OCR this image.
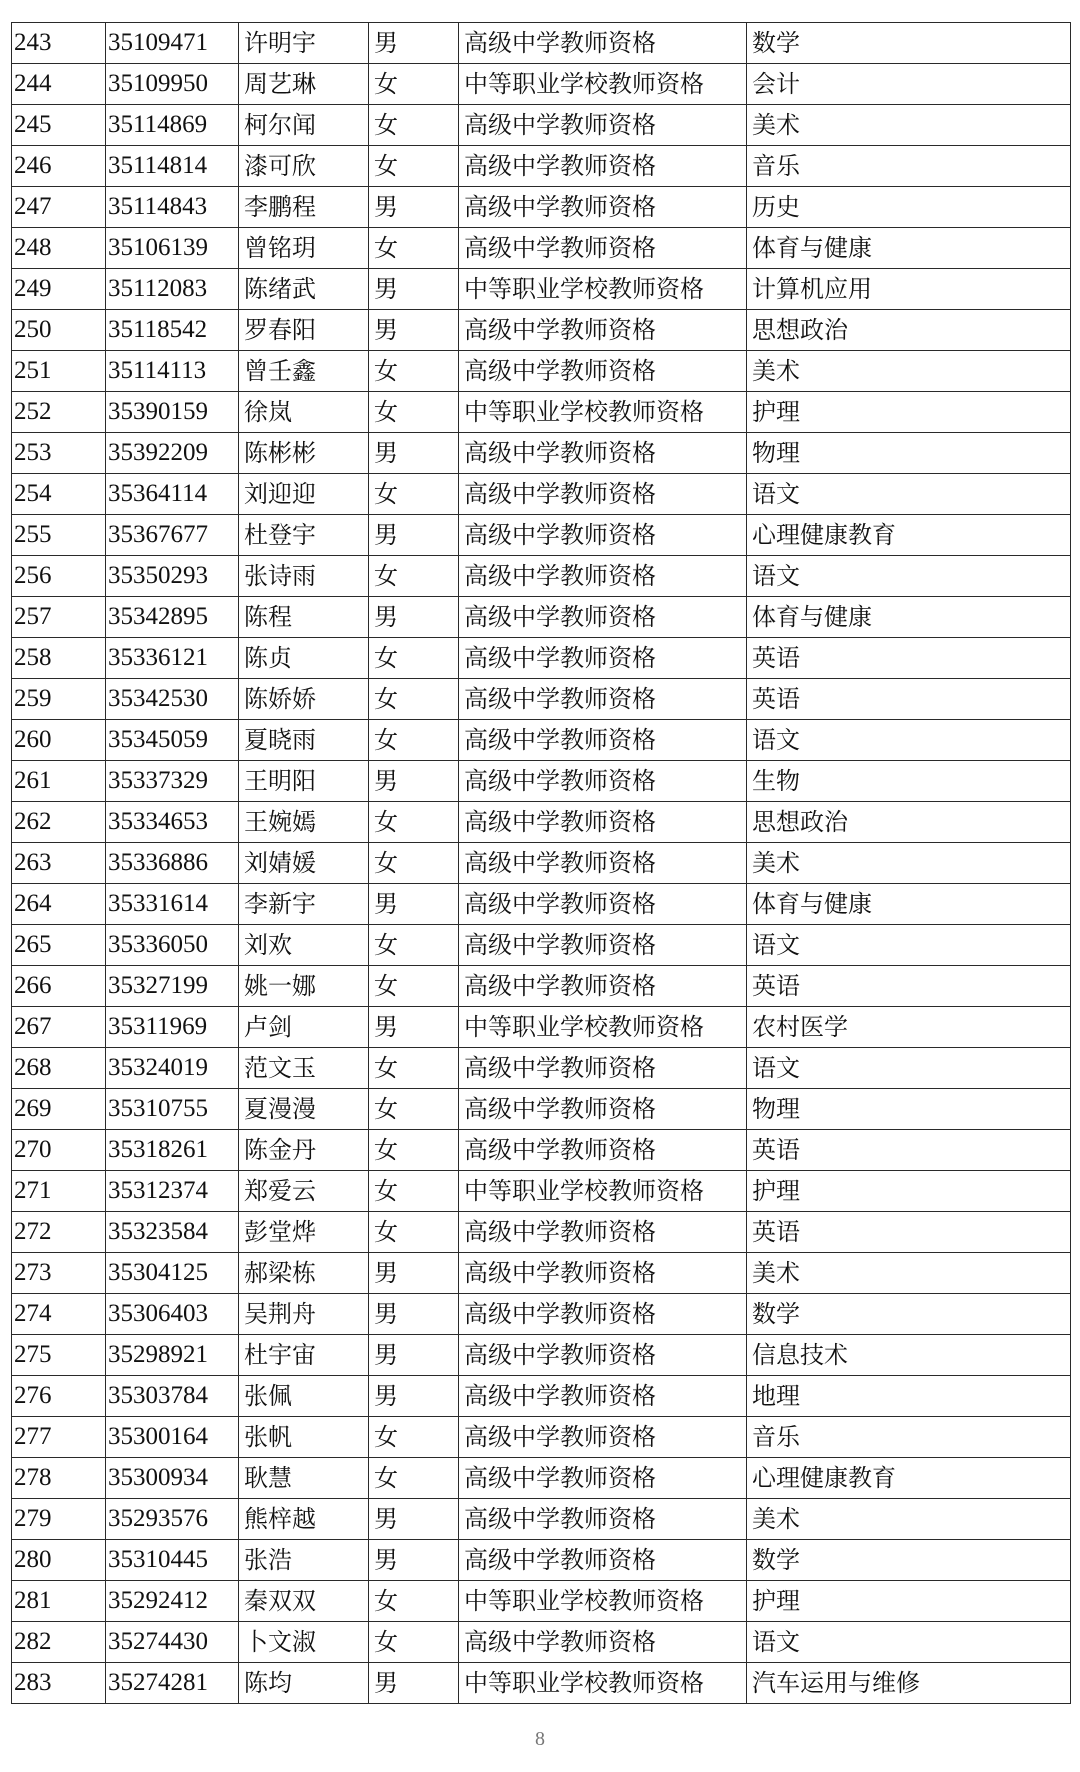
243	35109471	许明宇	男	高级中学教师资格	数学
244	35109950	周艺琳	女	中等职业学校教师资格	会计
245	35114869	柯尔闻	女	高级中学教师资格	美术
246	35114814	漆可欣	女	高级中学教师资格	音乐
247	35114843	李鹏程	男	高级中学教师资格	历史
248	35106139	曾铭玥	女	高级中学教师资格	体育与健康
249	35112083	陈绪武	男	中等职业学校教师资格	计算机应用
250	35118542	罗春阳	男	高级中学教师资格	思想政治
251	35114113	曾壬鑫	女	高级中学教师资格	美术
252	35390159	徐岚	女	中等职业学校教师资格	护理
253	35392209	陈彬彬	男	高级中学教师资格	物理
254	35364114	刘迎迎	女	高级中学教师资格	语文
255	35367677	杜登宇	男	高级中学教师资格	心理健康教育
256	35350293	张诗雨	女	高级中学教师资格	语文
257	35342895	陈程	男	高级中学教师资格	体育与健康
258	35336121	陈贞	女	高级中学教师资格	英语
259	35342530	陈娇娇	女	高级中学教师资格	英语
260	35345059	夏晓雨	女	高级中学教师资格	语文
261	35337329	王明阳	男	高级中学教师资格	生物
262	35334653	王婉嫣	女	高级中学教师资格	思想政治
263	35336886	刘婧媛	女	高级中学教师资格	美术
264	35331614	李新宇	男	高级中学教师资格	体育与健康
265	35336050	刘欢	女	高级中学教师资格	语文
266	35327199	姚一娜	女	高级中学教师资格	英语
267	35311969	卢剑	男	中等职业学校教师资格	农村医学
268	35324019	范文玉	女	高级中学教师资格	语文
269	35310755	夏漫漫	女	高级中学教师资格	物理
270	35318261	陈金丹	女	高级中学教师资格	英语
271	35312374	郑爱云	女	中等职业学校教师资格	护理
272	35323584	彭堂烨	女	高级中学教师资格	英语
273	35304125	郝梁栋	男	高级中学教师资格	美术
274	35306403	吴荆舟	男	高级中学教师资格	数学
275	35298921	杜宇宙	男	高级中学教师资格	信息技术
276	35303784	张佩	男	高级中学教师资格	地理
277	35300164	张帆	女	高级中学教师资格	音乐
278	35300934	耿慧	女	高级中学教师资格	心理健康教育
279	35293576	熊梓越	男	高级中学教师资格	美术
280	35310445	张浩	男	高级中学教师资格	数学
281	35292412	秦双双	女	中等职业学校教师资格	护理
282	35274430	卜文淑	女	高级中学教师资格	语文
283	35274281	陈均	男	中等职业学校教师资格	汽车运用与维修
8
